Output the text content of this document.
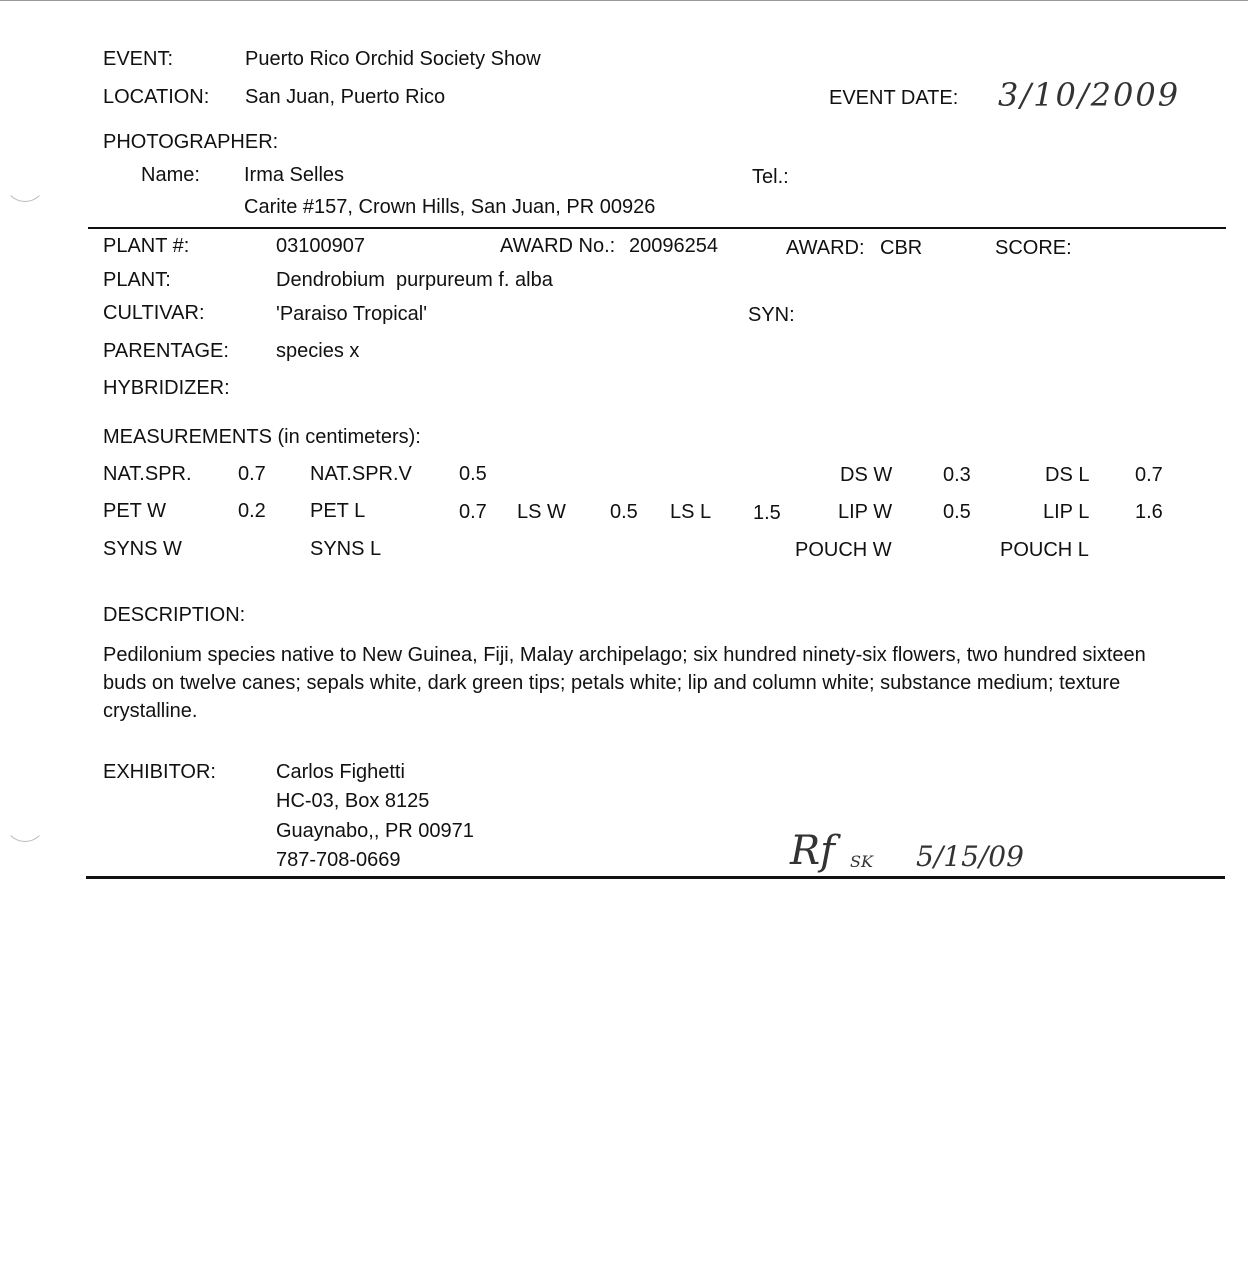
EVENT:	Puerto Rico Orchid Society Show
LOCATION: San Juan, Puerto Rico	EVENT DATE: 3/10/2009
PHOTOGRAPHER:
Name: Irma Selles	Tel.:
Carite #157, Crown Hills, San Juan, PR 00926
PLANT #:	03100907	AWARD No.: 20096254	AWARD: CBR	SCORE:
PLANT:	Dendrobium  purpureum f. alba
CULTIVAR:	'Paraiso Tropical'	SYN:
PARENTAGE: species x
HYBRIDIZER:
MEASUREMENTS (in centimeters):
NAT.SPR. 0.7 NAT.SPR.V 0.5	DS W	0.3	DS L 0.7
PET W	0.2 PET L	0.7 LS W 0.5 LS L 1.5	LIP W	0.5	LIP L 1.6
SYNS W	SYNS L	POUCH W	POUCH L
DESCRIPTION:
Pedilonium species native to New Guinea, Fiji, Malay archipelago; six hundred ninety-six flowers, two hundred sixteen buds on twelve canes; sepals white, dark green tips; petals white; lip and column white; substance medium; texture crystalline.
EXHIBITOR:	Carlos Fighetti
HC-03, Box 8125
Guaynabo,, PR 00971
787-708-0669	Rf SK 5/15/09
